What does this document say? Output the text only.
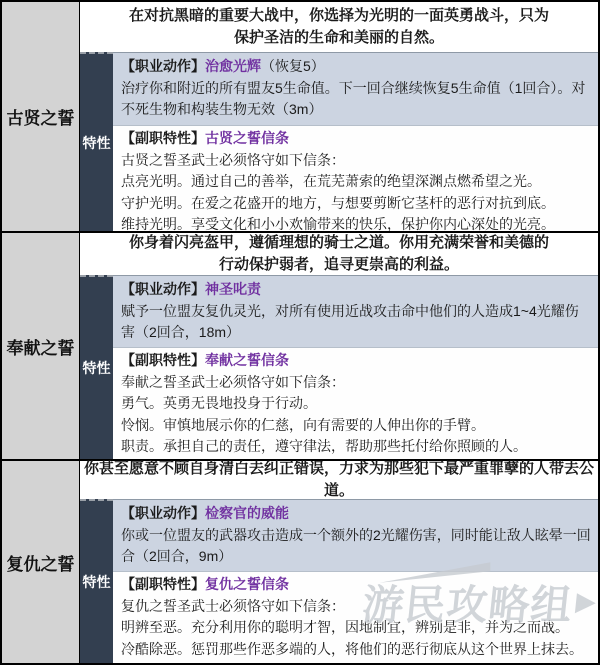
古贤之誓
在对抗黑暗的重要大战中，你选择为光明的一面英勇战斗，只为
保护圣洁的生命和美丽的自然。
特性
【职业动作】治愈光辉（恢复5）
治疗你和附近的所有盟友5生命值。下一回合继续恢复5生命值（1回合）。对
不死生物和构装生物无效（3m）
【副职特性】古贤之誓信条
古贤之誓圣武士必须恪守如下信条：
点亮光明。通过自己的善举，在荒芜萧索的绝望深渊点燃希望之光。
守护光明。在爱之花盛开的地方，与想要剪断它茎杆的恶行对抗到底。
维持光明。享受文化和小小欢愉带来的快乐，保护你内心深处的光亮。
奉献之誓
你身着闪亮盔甲，遵循理想的骑士之道。你用充满荣誉和美德的
行动保护弱者，追寻更崇高的利益。
特性
【职业动作】神圣叱责
赋予一位盟友复仇灵光，对所有使用近战攻击命中他们的人造成1~4光耀伤
害（2回合，18m）
【副职特性】奉献之誓信条
奉献之誓圣武士必须恪守如下信条：
勇气。英勇无畏地投身于行动。
怜悯。审慎地展示你的仁慈，向有需要的人伸出你的手臂。
职责。承担自己的责任，遵守律法，帮助那些托付给你照顾的人。
复仇之誓
你甚至愿意不顾自身清白去纠正错误，力求为那些犯下最严重罪孽的人带去公道。
特性
【职业动作】检察官的威能
你或一位盟友的武器攻击造成一个额外的2光耀伤害，同时能让敌人眩晕一回
合（2回合，9m）
【副职特性】复仇之誓信条
复仇之誓圣武士必须恪守如下信条：
明辨至恶。充分利用你的聪明才智，因地制宜，辨别是非，并为之而战。
冷酷除恶。惩罚那些作恶多端的人，将他们的恶行彻底从这个世界上抹去。
游民攻略组 ▶
